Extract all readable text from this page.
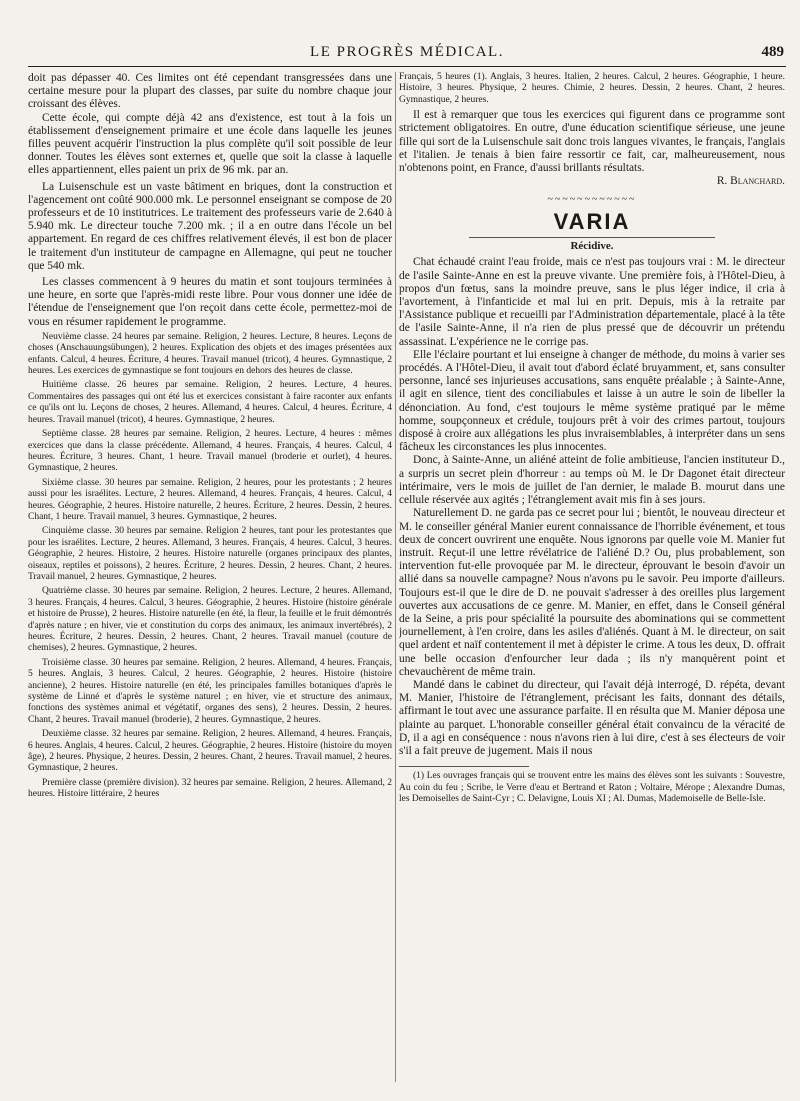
LE PROGRÈS MÉDICAL.	489

doit pas dépasser 40. Ces limites ont été cependant transgressées dans une certaine mesure pour la plupart des classes, par suite du nombre chaque jour croissant des élèves.

Cette école, qui compte déjà 42 ans d'existence, est tout à la fois un établissement d'enseignement primaire et une école dans laquelle les jeunes filles peuvent acquérir l'instruction la plus complète qu'il soit possible de leur donner. Toutes les élèves sont externes et, quelle que soit la classe à laquelle elles appartiennent, elles paient un prix de 96 mk. par an.

La Luisenschule est un vaste bâtiment en briques, dont la construction et l'agencement ont coûté 900.000 mk. Le personnel enseignant se compose de 20 professeurs et de 10 institutrices. Le traitement des professeurs varie de 2.640 à 5.940 mk. Le directeur touche 7.200 mk. ; il a en outre dans l'école un bel appartement. En regard de ces chiffres relativement élevés, il est bon de placer le traitement d'un instituteur de campagne en Allemagne, qui peut ne toucher que 540 mk.

Les classes commencent à 9 heures du matin et sont toujours terminées à une heure, en sorte que l'après-midi reste libre. Pour vous donner une idée de l'étendue de l'enseignement que l'on reçoit dans cette école, permettez-moi de vous en résumer rapidement le programme.

Neuvième classe. 24 heures par semaine. Religion, 2 heures. Lecture, 8 heures. Leçons de choses (Anschauungsübungen), 2 heures. Explication des objets et des images présentées aux enfants. Calcul, 4 heures. Écriture, 4 heures. Travail manuel (tricot), 4 heures. Gymnastique, 2 heures. Les exercices de gymnastique se font toujours en dehors des heures de classe.

Huitième classe. 26 heures par semaine. Religion, 2 heures. Lecture, 4 heures. Commentaires des passages qui ont été lus et exercices consistant à faire raconter aux enfants ce qu'ils ont lu. Leçons de choses, 2 heures. Allemand, 4 heures. Calcul, 4 heures. Écriture, 4 heures. Travail manuel (tricot), 4 heures. Gymnastique, 2 heures.

Septième classe. 28 heures par semaine. Religion, 2 heures. Lecture, 4 heures : mêmes exercices que dans la classe précédente. Allemand, 4 heures. Français, 4 heures. Calcul, 4 heures. Écriture, 3 heures. Chant, 1 heure. Travail manuel (broderie et ourlet), 4 heures. Gymnastique, 2 heures.

Sixième classe. 30 heures par semaine. Religion, 2 heures, pour les protestants ; 2 heures aussi pour les israélites. Lecture, 2 heures. Allemand, 4 heures. Français, 4 heures. Calcul, 4 heures. Géographie, 2 heures. Histoire naturelle, 2 heures. Écriture, 2 heures. Dessin, 2 heures. Chant, 1 heure. Travail manuel, 3 heures. Gymnastique, 2 heures.

Cinquième classe. 30 heures par semaine. Religion 2 heures, tant pour les protestantes que pour les israélites. Lecture, 2 heures. Allemand, 3 heures. Français, 4 heures. Calcul, 3 heures. Géographie, 2 heures. Histoire, 2 heures. Histoire naturelle (organes principaux des plantes, oiseaux, reptiles et poissons), 2 heures. Écriture, 2 heures. Dessin, 2 heures. Chant, 2 heures. Travail manuel, 2 heures. Gymnastique, 2 heures.

Quatrième classe. 30 heures par semaine. Religion, 2 heures. Lecture, 2 heures. Allemand, 3 heures. Français, 4 heures. Calcul, 3 heures. Géographie, 2 heures. Histoire (histoire générale et histoire de Prusse), 2 heures. Histoire naturelle (en été, la fleur, la feuille et le fruit démontrés d'après nature ; en hiver, vie et constitution du corps des animaux, les animaux invertébrés), 2 heures. Écriture, 2 heures. Dessin, 2 heures. Chant, 2 heures. Travail manuel (couture de chemises), 2 heures. Gymnastique, 2 heures.

Troisième classe. 30 heures par semaine. Religion, 2 heures. Allemand, 4 heures. Français, 5 heures. Anglais, 3 heures. Calcul, 2 heures. Géographie, 2 heures. Histoire (histoire ancienne), 2 heures. Histoire naturelle (en été, les principales familles botaniques d'après le système de Linné et d'après le système naturel ; en hiver, vie et structure des animaux, fonctions des systèmes animal et végétatif, organes des sens), 2 heures. Dessin, 2 heures. Chant, 2 heures. Travail manuel (broderie), 2 heures. Gymnastique, 2 heures.

Deuxième classe. 32 heures par semaine. Religion, 2 heures. Allemand, 4 heures. Français, 6 heures. Anglais, 4 heures. Calcul, 2 heures. Géographie, 2 heures. Histoire (histoire du moyen âge), 2 heures. Physique, 2 heures. Dessin, 2 heures. Chant, 2 heures. Travail manuel, 2 heures. Gymnastique, 2 heures.

Première classe (première division). 32 heures par semaine. Religion, 2 heures. Allemand, 2 heures. Histoire littéraire, 2 heures

Français, 5 heures (1). Anglais, 3 heures. Italien, 2 heures. Calcul, 2 heures. Géographie, 1 heure. Histoire, 3 heures. Physique, 2 heures. Chimie, 2 heures. Dessin, 2 heures. Chant, 2 heures. Gymnastique, 2 heures.

Il est à remarquer que tous les exercices qui figurent dans ce programme sont strictement obligatoires. En outre, d'une éducation scientifique sérieuse, une jeune fille qui sort de la Luisenschule sait donc trois langues vivantes, le français, l'anglais et l'italien. Je tenais à bien faire ressortir ce fait, car, malheureusement, nous n'obtenons point, en France, d'aussi brillants résultats.

R. Blanchard.

~~~~~~~~~~~~
VARIA
Récidive.

Chat échaudé craint l'eau froide, mais ce n'est pas toujours vrai : M. le directeur de l'asile Sainte-Anne en est la preuve vivante. Une première fois, à l'Hôtel-Dieu, à propos d'un fœtus, sans la moindre preuve, sans le plus léger indice, il cria à l'avortement, à l'infanticide et mal lui en prit. Depuis, mis à la retraite par l'Assistance publique et recueilli par l'Administration départementale, placé à la tête de l'asile Sainte-Anne, il n'a rien de plus pressé que de découvrir un prétendu assassinat. L'expérience ne le corrige pas.

Elle l'éclaire pourtant et lui enseigne à changer de méthode, du moins à varier ses procédés. A l'Hôtel-Dieu, il avait tout d'abord éclaté bruyamment, et, sans consulter personne, lancé ses injurieuses accusations, sans enquête préalable ; à Sainte-Anne, il agit en silence, tient des conciliabules et laisse à un autre le soin de libeller la dénonciation. Au fond, c'est toujours le même système pratiqué par le même homme, soupçonneux et crédule, toujours prêt à voir des crimes partout, toujours disposé à croire aux allégations les plus invraisemblables, à interpréter dans un sens fâcheux les circonstances les plus innocentes.

Donc, à Sainte-Anne, un aliéné atteint de folie ambitieuse, l'ancien instituteur D., a surpris un secret plein d'horreur : au temps où M. le Dr Dagonet était directeur intérimaire, vers le mois de juillet de l'an dernier, le malade B. mourut dans une cellule réservée aux agités ; l'étranglement avait mis fin à ses jours.

Naturellement D. ne garda pas ce secret pour lui ; bientôt, le nouveau directeur et M. le conseiller général Manier eurent connaissance de l'horrible événement, et tous deux de concert ouvrirent une enquête. Nous ignorons par quelle voie M. Manier fut instruit. Reçut-il une lettre révélatrice de l'aliéné D.? Ou, plus probablement, son intervention fut-elle provoquée par M. le directeur, éprouvant le besoin d'avoir un allié dans sa nouvelle campagne? Nous n'avons pu le savoir. Peu importe d'ailleurs. Toujours est-il que le dire de D. ne pouvait s'adresser à des oreilles plus largement ouvertes aux accusations de ce genre. M. Manier, en effet, dans le Conseil général de la Seine, a pris pour spécialité la poursuite des abominations qui se commettent journellement, à l'en croire, dans les asiles d'aliénés. Quant à M. le directeur, on sait quel ardent et naïf contentement il met à dépister le crime. A tous les deux, D. offrait une belle occasion d'enfourcher leur dada ; ils n'y manquèrent point et chevauchèrent de même train.

Mandé dans le cabinet du directeur, qui l'avait déjà interrogé, D. répéta, devant M. Manier, l'histoire de l'étranglement, précisant les faits, donnant des détails, affirmant le tout avec une assurance parfaite. Il en résulta que M. Manier déposa une plainte au parquet. L'honorable conseiller général était convaincu de la véracité de D, il a agi en conséquence : nous n'avons rien à lui dire, c'est à ses électeurs de voir s'il a fait preuve de jugement. Mais il nous

(1) Les ouvrages français qui se trouvent entre les mains des élèves sont les suivants : Souvestre, Au coin du feu ; Scribe, le Verre d'eau et Bertrand et Raton ; Voltaire, Mérope ; Alexandre Dumas, les Demoiselles de Saint-Cyr ; C. Delavigne, Louis XI ; Al. Dumas, Mademoiselle de Belle-Isle.
